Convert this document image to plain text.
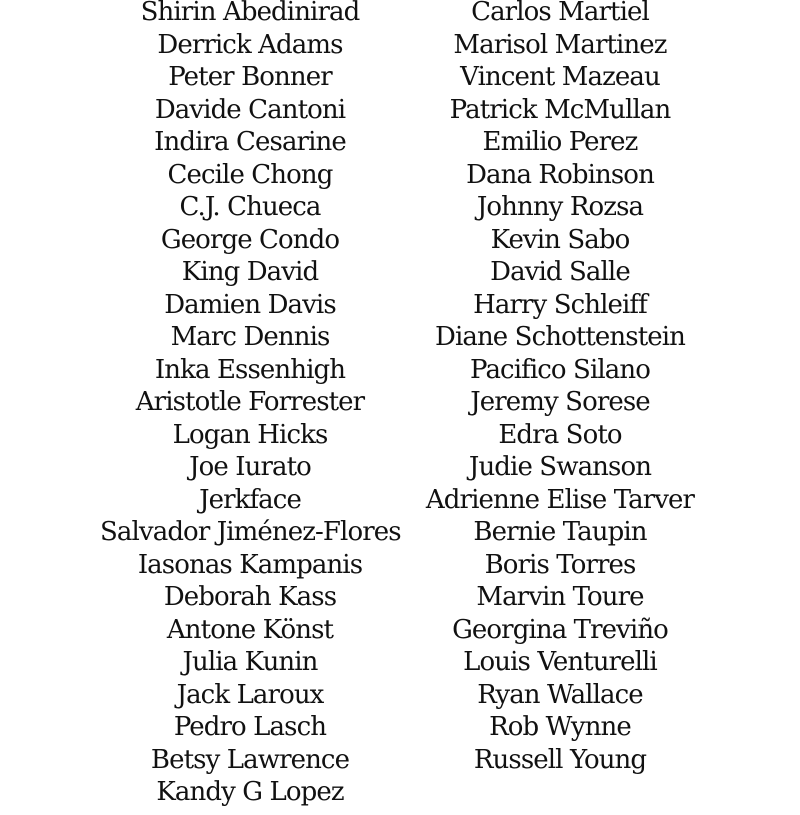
Shirin Abedinirad
Derrick Adams
Peter Bonner
Davide Cantoni
Indira Cesarine
Cecile Chong
C.J. Chueca
George Condo
King David
Damien Davis
Marc Dennis
Inka Essenhigh
Aristotle Forrester
Logan Hicks
Joe Iurato
Jerkface
Salvador Jiménez-Flores
Iasonas Kampanis
Deborah Kass
Antone Könst
Julia Kunin
Jack Laroux
Pedro Lasch
Betsy Lawrence
Kandy G Lopez
Carlos Martiel
Marisol Martinez
Vincent Mazeau
Patrick McMullan
Emilio Perez
Dana Robinson
Johnny Rozsa
Kevin Sabo
David Salle
Harry Schleiff
Diane Schottenstein
Pacifico Silano
Jeremy Sorese
Edra Soto
Judie Swanson
Adrienne Elise Tarver
Bernie Taupin
Boris Torres
Marvin Toure
Georgina Treviño
Louis Venturelli
Ryan Wallace
Rob Wynne
Russell Young
